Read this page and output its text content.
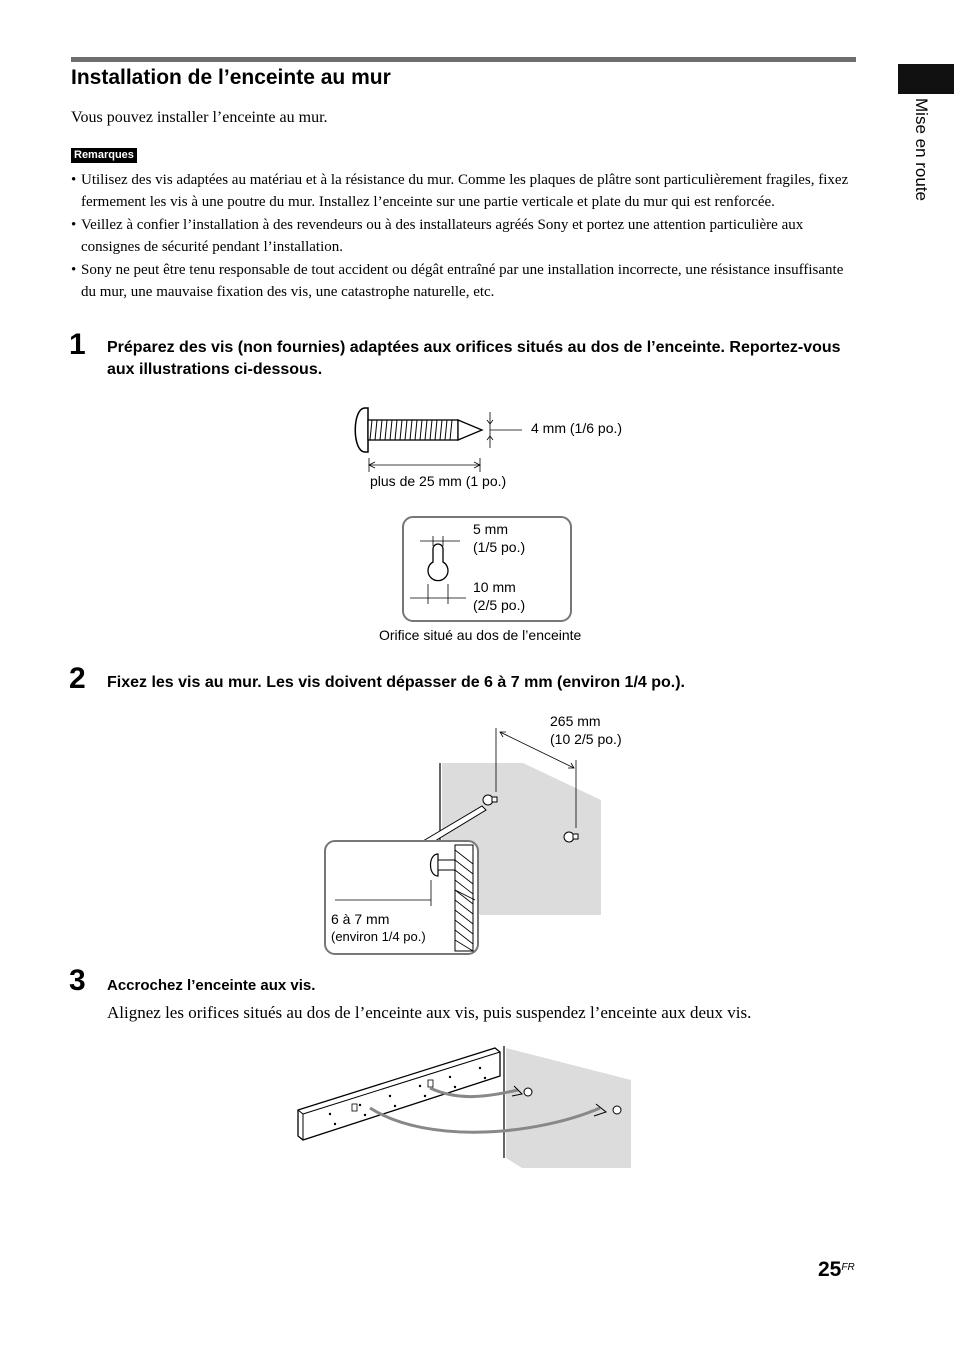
Installation de l’enceinte au mur
Vous pouvez installer l’enceinte au mur.
Remarques
• Utilisez des vis adaptées au matériau et à la résistance du mur. Comme les plaques de plâtre sont particulièrement fragiles, fixez fermement les vis à une poutre du mur. Installez l’enceinte sur une partie verticale et plate du mur qui est renforcée.
• Veillez à confier l’installation à des revendeurs ou à des installateurs agréés Sony et portez une attention particulière aux consignes de sécurité pendant l’installation.
• Sony ne peut être tenu responsable de tout accident ou dégât entraîné par une installation incorrecte, une résistance insuffisante du mur, une mauvaise fixation des vis, une catastrophe naturelle, etc.
1 Préparez des vis (non fournies) adaptées aux orifices situés au dos de l’enceinte. Reportez-vous aux illustrations ci-dessous.
4 mm (1/6 po.)
plus de 25 mm (1 po.)
5 mm
(1/5 po.)
10 mm
(2/5 po.)
Orifice situé au dos de l’enceinte
2 Fixez les vis au mur. Les vis doivent dépasser de 6 à 7 mm (environ 1/4 po.).
265 mm
(10 2/5 po.)
6 à 7 mm
(environ 1/4 po.)
3 Accrochez l’enceinte aux vis.
Alignez les orifices situés au dos de l’enceinte aux vis, puis suspendez l’enceinte aux deux vis.
Mise en route
$25^{FR}$
